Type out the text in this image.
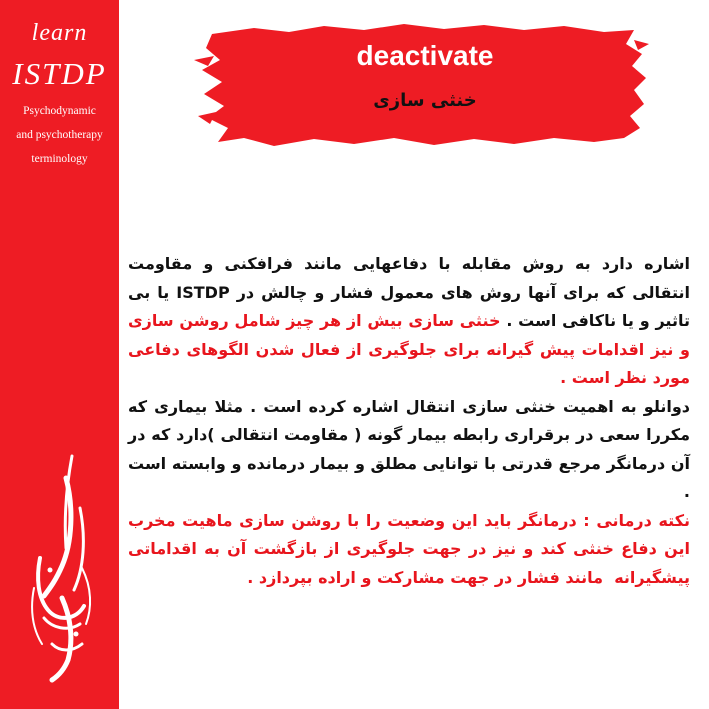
learn
ISTDP
Psychodynamic
and psychotherapy
terminology
deactivate
خنثی سازی
اشاره دارد به روش مقابله با دفاعهایی مانند فرافکنی و مقاومت انتقالی که برای آنها روش های معمول فشار و چالش در ISTDP یا بی تاثیر و یا ناکافی است . خنثی سازی بیش از هر چیز شامل روشن سازی و نیز اقدامات پیش گیرانه برای جلوگیری از فعال شدن الگوهای دفاعی مورد نظر است .
دوانلو به اهمیت خنثی سازی انتقال اشاره کرده است . مثلا بیماری که مکررا سعی در برقراری رابطه بیمار گونه ( مقاومت انتقالی )دارد که در آن درمانگر مرجع قدرتی با توانایی مطلق و بیمار درمانده و وابسته است .
نکته درمانی : درمانگر باید این وضعیت را با روشن سازی ماهیت مخرب این دفاع خنثی کند و نیز در جهت جلوگیری از بازگشت آن به اقداماتی پیشگیرانه  مانند فشار در جهت مشارکت و اراده بپردازد .
